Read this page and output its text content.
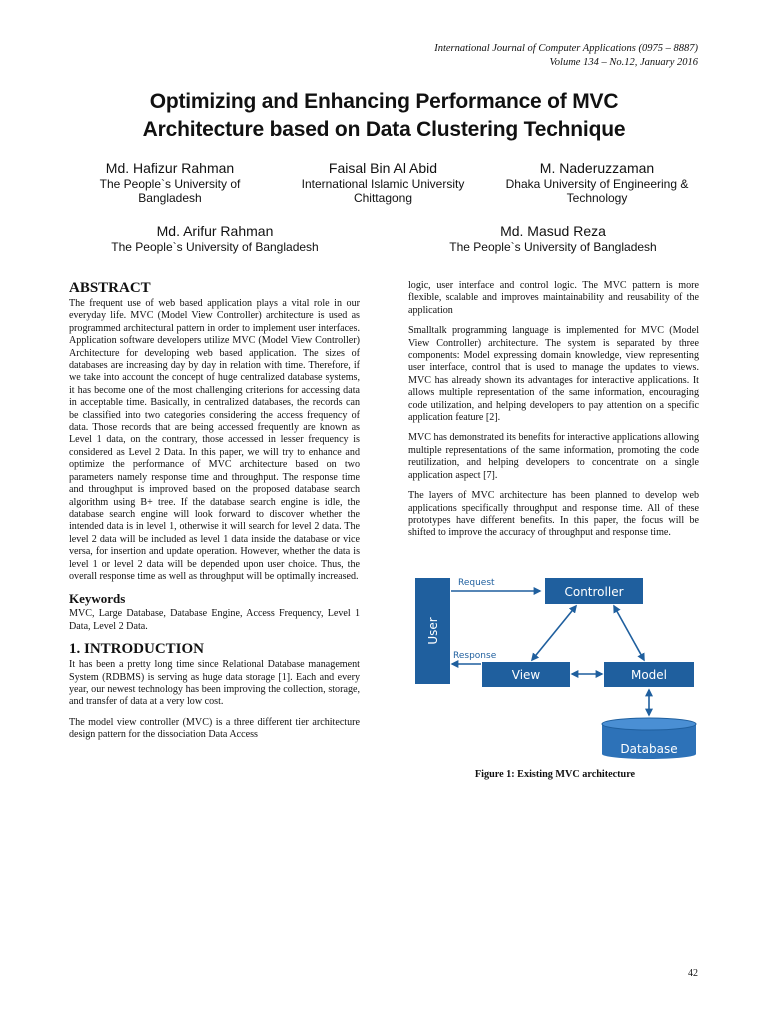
International Journal of Computer Applications (0975 – 8887)
Volume 134 – No.12, January 2016
Optimizing and Enhancing Performance of MVC
Architecture based on Data Clustering Technique
Md. Hafizur Rahman
The People`s University of
Bangladesh
Faisal Bin Al Abid
International Islamic University
Chittagong
M. Naderuzzaman
Dhaka University of Engineering &
Technology
Md. Arifur Rahman
The People`s University of Bangladesh
Md. Masud Reza
The People`s University of Bangladesh
ABSTRACT

The frequent use of web based application plays a vital role in our everyday life. MVC (Model View Controller) architecture is used as programmed architectural pattern in order to implement user interfaces. Application software developers utilize MVC (Model View Controller) Architecture for developing web based application. The sizes of databases are increasing day by day in relation with time. Therefore, if we take into account the concept of huge centralized database systems, it has become one of the most challenging criterions for accessing data in acceptable time. Basically, in centralized databases, the records can be classified into two categories considering the access frequency of data. Those records that are being accessed frequently are known as Level 1 data, on the contrary, those accessed in lesser frequency is considered as Level 2 Data. In this paper, we will try to enhance and optimize the performance of MVC architecture based on two parameters namely response time and throughput. The response time and throughput is improved based on the proposed database search algorithm using B+ tree. If the database search engine is idle, the database search engine will look forward to discover whether the intended data is in level 1, otherwise it will search for level 2 data. The level 2 data will be included as level 1 data inside the database or vice versa, for insertion and update operation. However, whether the data is level 1 or level 2 data will be depended upon user choice. Thus, the overall response time as well as throughput will be optimally increased.

Keywords

MVC, Large Database, Database Engine, Access Frequency, Level 1 Data, Level 2 Data.

1. INTRODUCTION

It has been a pretty long time since Relational Database management System (RDBMS) is serving as huge data storage [1]. Each and every year, our newest technology has been improving the collection, storage, and transfer of data at a very low cost.

The model view controller (MVC) is a three different tier architecture design pattern for the dissociation Data Access

logic, user interface and control logic. The MVC pattern is more flexible, scalable and improves maintainability and reusability of the application

Smalltalk programming language is implemented for MVC (Model View Controller) architecture. The system is separated by three components: Model expressing domain knowledge, view representing user interface, control that is used to manage the updates to views. MVC has already shown its advantages for interactive applications. It allows multiple representation of the same information, encouraging code utilization, and helping developers to pay attention on a specific application feature [2].

MVC has demonstrated its benefits for interactive applications allowing multiple representations of the same information, promoting the code reutilization, and helping developers to concentrate on a single application aspect [7].

The layers of MVC architecture has been planned to develop web applications specifically throughput and response time. All of these prototypes have different benefits. In this paper, the focus will be shifted to improve the accuracy of throughput and response time.

User
Request
Controller
View	Model
Response
Database
Figure 1: Existing MVC architecture
42
